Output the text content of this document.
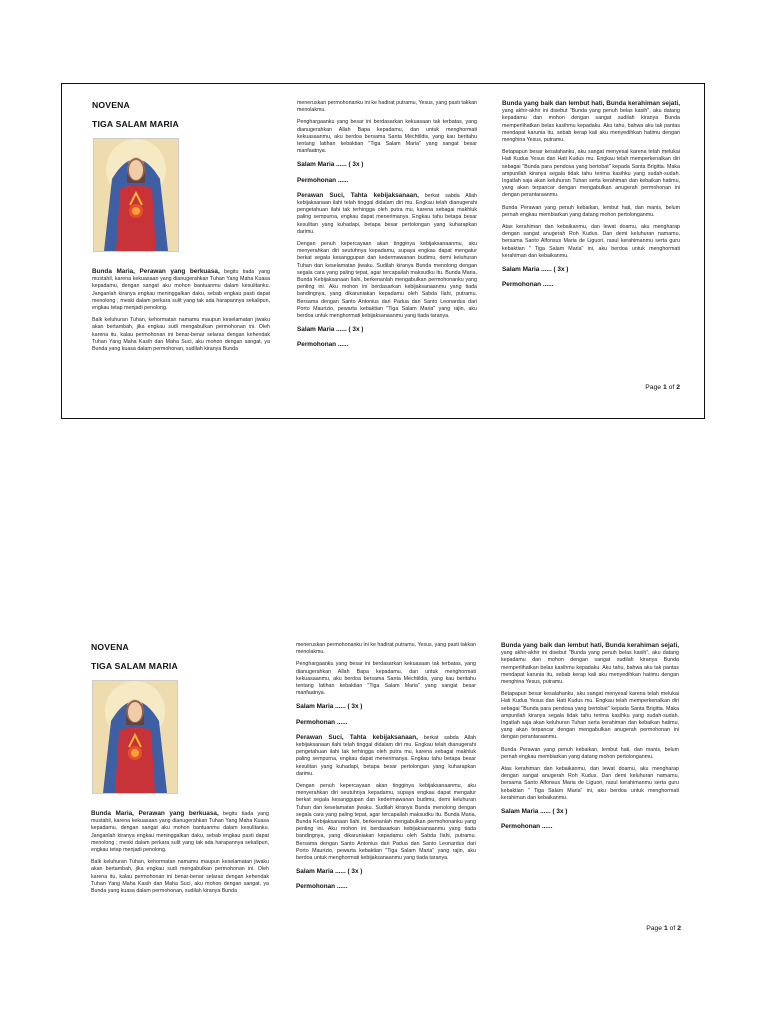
NOVENA
TIGA SALAM MARIA
Bunda Maria, Perawan yang berkuasa, begitu tiada yang mustahil, karena kekuasaan yang dianugerahkan Tuhan Yang Maha Kuasa kepadamu, dengan sangat aku mohon bantuanmu dalam kesulitanku. Janganlah kiranya engkau meninggalkan daku, sebab engkau pasti dapat menolong ; meski dalam perkara sulit yang tak ada harapannya sekalipun, engkau tetap menjadi penolong.
Balk keluhuran Tuhan, kehormatan namamu maupun keselamatan jiwaku akan bertambah, jika engkau sudi mengabulkan permohonan ini. Oleh karena itu, kalau permohonan ini benar-benar selaras dengan kehendak Tuhan Yang Maha Kasih dan Maha Suci, aku mohon dengan sangat, ya Bunda yang kuasa dalam permohonan, sudilah kiranya Bunda
meneruskan permohonanku ini ke hadirat putramu, Yesus, yang pasti takkan menolakmu.
Penghargaanku yang besar ini berdasarkan kekuasaan tak terbatas, yang dianugerahkan Allah Bapa kepadamu, dan untuk menghormati kekuasaanmu, aku berdoa bersama Santa Mechtildis, yang kau beritahu tentang latihan kebaktian "Tiga Salam Maria" yang sangat besar manfaatnya.
Salam Maria ...... ( 3x )
Permohonan ......
Perawan Suci, Tahta kebijaksanaan, berkat sabda Allah kebijaksanaan ilahi telah tinggal didalam diri mu. Engkau telah dianugerahi pengetahuan ilahi tak terhingga oleh putra mu, karena sebagai makhluk paling sempurna, engkau dapat menerimanya. Engkau tahu betapa besar kesulitan yang kuhadapi, betapa besar pertolongan yang kuharapkan darimu.
Dengan penuh kepercayaan akan tingginya kebijaksanaanmu, aku menyerahkan diri seutuhnya kepadamu, supaya engkau dapat mengatur berkat segala kesanggupan dan kedermawanan budimu, demi keluhuran Tuhan dan keselamatan jiwaku. Sudilah kiranya Bunda menolong dengan segala cara yang paling tepat, agar tercapailah maksudku itu. Bunda Maria, Bunda Kebijaksanaan Ilahi, berkenanlah mengabulkan permohonanku yang penting ini. Aku mohon ini berdasarkan kebijaksanaanmu yang tiada bandingnya, yang dikaruniakan kepadamu oleh Sabda Ilahi, putramu. Bersama dengan Santo Antonius dari Padua dan Santo Leonardus dari Porto Maurizio, pewarta kebaktian "Tiga Salam Maria" yang rajin, aku berdoa untuk menghormati kebijaksanaanmu yang tiada taranya.
Salam Maria ...... ( 3x )
Permohonan ......
Bunda yang baik dan lembut hati, Bunda kerahiman sejati, yang akhir-akhir ini disebut "Bunda yang penuh belas kasih", aku datang kepadamu dan mohon dengan sangat sudilah kiranya Bunda memperlihatkan belas kasihmu kepadaku. Aku tahu, bahwa aku tak pantas mendapat karunia itu, sebab kerap kali aku menyedihkan hatimu dengan menghina Yesus, putramu.
Betapapun besar kesalahanku, aku sangat menyesal karena telah melukai Hati Kudus Yesus dan Hati Kudus mu. Engkau telah memperkenalkan diri sebagai "Bunda para pendosa yang bertobat" kepada Santa Brigitta. Maka ampunilah kiranya segala tidak tahu terima kasihku yang sudah-sudah. Ingatlah saja akan keluhuran Tuhan serta kerahiman dan kebaikan hatimu, yang akan terpancar dengan mengabulkan anugerah permohonan ini dengan perantaraanmu.
Bunda Perawan yang penuh kebaikan, lembut hati, dan manis, belum pernah engkau membiarkan yang datang mohon pertolonganmu.
Atas kerahiman dan kebaikanmu, dan lewat doamu, aku mengharap dengan sangat anugerah Roh Kudus. Dan demi keluhuran namamu, bersama Santo Alfonsus Maria de Liguori, rasul kerahimanmu serta guru kebaktian " Tiga Salam Maria" ini, aku berdoa untuk menghormati kerahiman dan kebaikanmu.
Salam Maria ...... ( 3x )
Permohonan ......
Page 1 of 2
NOVENA
TIGA SALAM MARIA
Bunda Maria, Perawan yang berkuasa, begitu tiada yang mustahil, karena kekuasaan yang dianugerahkan Tuhan Yang Maha Kuasa kepadamu, dengan sangat aku mohon bantuanmu dalam kesulitanku. Janganlah kiranya engkau meninggalkan daku, sebab engkau pasti dapat menolong ; meski dalam perkara sulit yang tak ada harapannya sekalipun, engkau tetap menjadi penolong.
Balk keluhuran Tuhan, kehormatan namamu maupun keselamatan jiwaku akan bertambah, jika engkau sudi mengabulkan permohonan ini. Oleh karena itu, kalau permohonan ini benar-benar selaras dengan kehendak Tuhan Yang Maha Kasih dan Maha Suci, aku mohon dengan sangat, ya Bunda yang kuasa dalam permohonan, sudilah kiranya Bunda
meneruskan permohonanku ini ke hadirat putramu, Yesus, yang pasti takkan menolakmu.
Penghargaanku yang besar ini berdasarkan kekuasaan tak terbatas, yang dianugerahkan Allah Bapa kepadamu, dan untuk menghormati kekuasaanmu, aku berdoa bersama Santa Mechtildis, yang kau beritahu tentang latihan kebaktian "Tiga Salam Maria" yang sangat besar manfaatnya.
Salam Maria ...... ( 3x )
Permohonan ......
Perawan Suci, Tahta kebijaksanaan, berkat sabda Allah kebijaksanaan ilahi telah tinggal didalam diri mu. Engkau telah dianugerahi pengetahuan ilahi tak terhingga oleh putra mu, karena sebagai makhluk paling sempurna, engkau dapat menerimanya. Engkau tahu betapa besar kesulitan yang kuhadapi, betapa besar pertolongan yang kuharapkan darimu.
Dengan penuh kepercayaan akan tingginya kebijaksanaanmu, aku menyerahkan diri seutuhnya kepadamu, supaya engkau dapat mengatur berkat segala kesanggupan dan kedermawanan budimu, demi keluhuran Tuhan dan keselamatan jiwaku. Sudilah kiranya Bunda menolong dengan segala cara yang paling tepat, agar tercapailah maksudku itu. Bunda Maria, Bunda Kebijaksanaan Ilahi, berkenanlah mengabulkan permohonanku yang penting ini. Aku mohon ini berdasarkan kebijaksanaanmu yang tiada bandingnya, yang dikaruniakan kepadamu oleh Sabda Ilahi, putramu. Bersama dengan Santo Antonius dari Padua dan Santo Leonardus dari Porto Maurizio, pewarta kebaktian "Tiga Salam Maria" yang rajin, aku berdoa untuk menghormati kebijaksanaanmu yang tiada taranya.
Salam Maria ...... ( 3x )
Permohonan ......
Bunda yang baik dan lembut hati, Bunda kerahiman sejati, yang akhir-akhir ini disebut "Bunda yang penuh belas kasih", aku datang kepadamu dan mohon dengan sangat sudilah kiranya Bunda memperlihatkan belas kasihmu kepadaku. Aku tahu, bahwa aku tak pantas mendapat karunia itu, sebab kerap kali aku menyedihkan hatimu dengan menghina Yesus, putramu.
Betapapun besar kesalahanku, aku sangat menyesal karena telah melukai Hati Kudus Yesus dan Hati Kudus mu. Engkau telah memperkenalkan diri sebagai "Bunda para pendosa yang bertobat" kepada Santa Brigitta. Maka ampunilah kiranya segala tidak tahu terima kasihku yang sudah-sudah. Ingatlah saja akan keluhuran Tuhan serta kerahiman dan kebaikan hatimu, yang akan terpancar dengan mengabulkan anugerah permohonan ini dengan perantaraanmu.
Bunda Perawan yang penuh kebaikan, lembut hati, dan manis, belum pernah engkau membiarkan yang datang mohon pertolonganmu.
Atas kerahiman dan kebaikanmu, dan lewat doamu, aku mengharap dengan sangat anugerah Roh Kudus. Dan demi keluhuran namamu, bersama Santo Alfonsus Maria de Liguori, rasul kerahimanmu serta guru kebaktian " Tiga Salam Maria" ini, aku berdoa untuk menghormati kerahiman dan kebaikanmu.
Salam Maria ...... ( 3x )
Permohonan ......
Page 1 of 2
